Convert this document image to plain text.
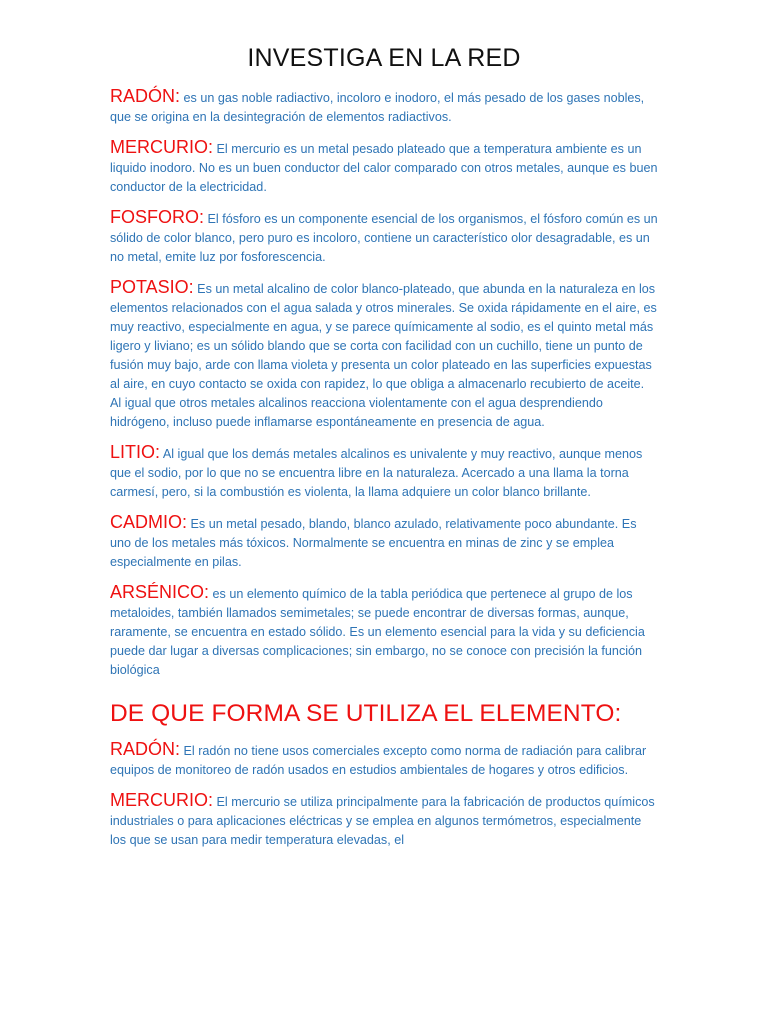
INVESTIGA EN LA RED

RADÓN: es un gas noble radiactivo, incoloro e inodoro, el más pesado de los gases nobles, que se origina en la desintegración de elementos radiactivos.

MERCURIO: El mercurio es un metal pesado plateado que a temperatura ambiente es un liquido inodoro. No es un buen conductor del calor comparado con otros metales, aunque es buen conductor de la electricidad.

FOSFORO: El fósforo es un componente esencial de los organismos, el fósforo común es un sólido de color blanco, pero puro es incoloro, contiene un característico olor desagradable, es un no metal, emite luz por fosforescencia.

POTASIO: Es un metal alcalino de color blanco-plateado, que abunda en la naturaleza en los elementos relacionados con el agua salada y otros minerales. Se oxida rápidamente en el aire, es muy reactivo, especialmente en agua, y se parece químicamente al sodio, es el quinto metal más ligero y liviano; es un sólido blando que se corta con facilidad con un cuchillo, tiene un punto de fusión muy bajo, arde con llama violeta y presenta un color plateado en las superficies expuestas al aire, en cuyo contacto se oxida con rapidez, lo que obliga a almacenarlo recubierto de aceite. Al igual que otros metales alcalinos reacciona violentamente con el agua desprendiendo hidrógeno, incluso puede inflamarse espontáneamente en presencia de agua.

LITIO: Al igual que los demás metales alcalinos es univalente y muy reactivo, aunque menos que el sodio, por lo que no se encuentra libre en la naturaleza. Acercado a una llama la torna carmesí, pero, si la combustión es violenta, la llama adquiere un color blanco brillante.

CADMIO: Es un metal pesado, blando, blanco azulado, relativamente poco abundante. Es uno de los metales más tóxicos. Normalmente se encuentra en minas de zinc y se emplea especialmente en pilas.

ARSÉNICO: es un elemento químico de la tabla periódica que pertenece al grupo de los metaloides, también llamados semimetales; se puede encontrar de diversas formas, aunque, raramente, se encuentra en estado sólido. Es un elemento esencial para la vida y su deficiencia puede dar lugar a diversas complicaciones; sin embargo, no se conoce con precisión la función biológica

DE QUE FORMA SE UTILIZA EL ELEMENTO:

RADÓN: El radón no tiene usos comerciales excepto como norma de radiación para calibrar equipos de monitoreo de radón usados en estudios ambientales de hogares y otros edificios.

MERCURIO: El mercurio se utiliza principalmente para la fabricación de productos químicos industriales o para aplicaciones eléctricas y se emplea en algunos termómetros, especialmente los que se usan para medir temperatura elevadas, el
